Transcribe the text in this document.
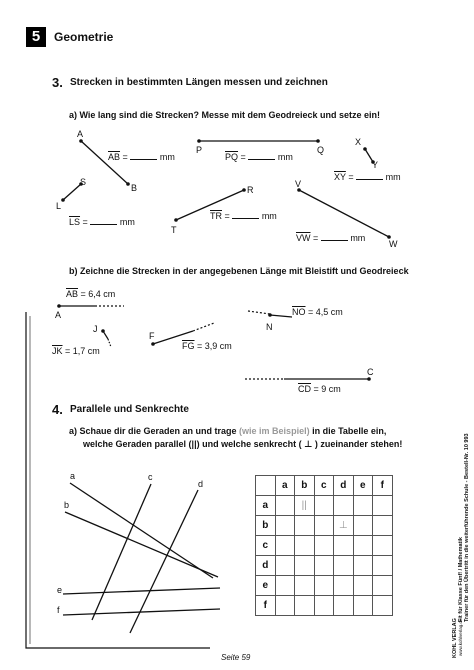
5	Geometrie
3. Strecken in bestimmten Längen messen und zeichnen
a) Wie lang sind die Strecken? Messe mit dem Geodreieck und setze ein!
A
B
P	Q
X
Y
S
L
R
T
V
W
$\overline{AB}$ =	mm	$\overline{PQ}$ =	mm
$\overline{XY}$ =	mm
$\overline{LS}$ =	mm
$\overline{TR}$ =	mm
$\overline{VW}$ =	mm
b) Zeichne die Strecken in der angegebenen Länge mit Bleistift und Geodreieck
$\overline{AB} = 6,4$ cm
A	$\overline{NO} = 4,5$ cm
N
J
$\overline{JK} = 1,7$ cm
F
$\overline{FG} = 3,9$ cm
C
$\overline{CD} = 9$ cm
4. Parallele und Senkrechte
a) Schaue dir die Geraden an und trage (wie im Beispiel) in die Tabelle ein,
welche Geraden parallel (||) und welche senkrecht ( ⊥ ) zueinander stehen!
a
b
c
d
e
f
	a	b	c	d	e	f
a		||				
b				⊥		
c						
d						
e						
f						
Seite 59	KOHL VERLAG
Fit für Klasse Fünf! / Mathematik Trainer für den Übertritt in die weiterführende Schule - Bestell-Nr. 10 993
www.kohlverlag.de
